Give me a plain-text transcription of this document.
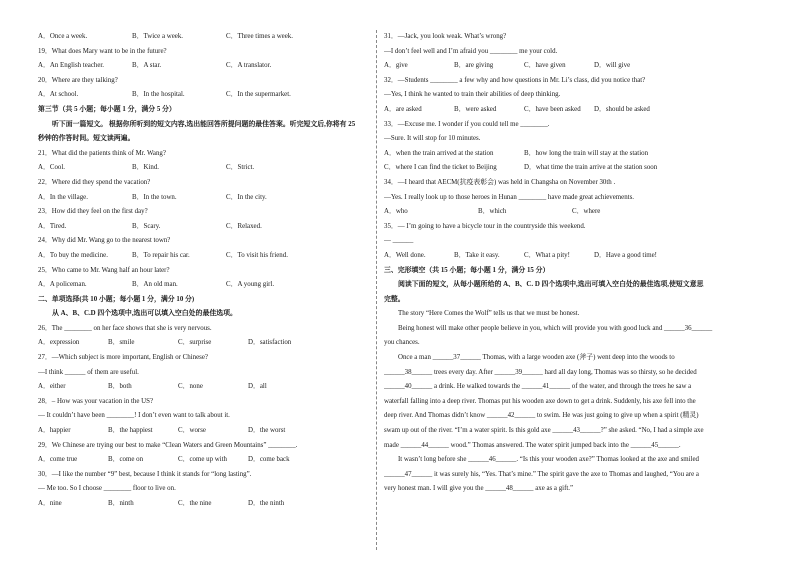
A．Once a week.	B．Twice a week.	C．Three times a week.
19．What does Mary want to be in the future?
A．An English teacher.	B．A star.	C．A translator.
20．Where are they talking?
A．At school.	B．In the hospital.	C．In the supermarket.
第三节（共 5 小题；每小题 1 分，满分 5 分）
听下面一篇短文。 根据你所听到的短文内容,选出能回答所提问题的最佳答案。听完短文后,你将有 25
秒钟的作答时间。短文读两遍。
21．What did the patients think of Mr. Wang?
A．Cool.	B．Kind.	C．Strict.
22．Where did they spend the vacation?
A．In the village.	B．In the town.	C．In the city.
23．How did they feel on the first day?
A．Tired.	B．Scary.	C．Relaxed.
24．Why did Mr. Wang go to the nearest town?
A．To buy the medicine.	B．To repair his car.	C．To visit his friend.
25．Who came to Mr. Wang half an hour later?
A．A policeman.	B．An old man.	C．A young girl.
二、单项选择(共 10 小题；每小题 1 分，满分 10 分)
从 A、B、C.D 四个选项中,选出可以填入空白处的最佳选项。
26．The ________ on her face shows that she is very nervous.
A．expression	B．smile	C．surprise	D．satisfaction
27．—Which subject is more important, English or Chinese?
—I think ______ of them are useful.
A．either	B．both	C．none	D．all
28．– How was your vacation in the US?
— It couldn’t have been ________! I don’t even want to talk about it.
A．happier	B．the happiest	C．worse	D．the worst
29．We Chinese are trying our best to make “Clean Waters and Green Mountains” ________.
A．come true	B．come on	C．come up with	D．come back
30．—I like the number “9” best, because I think it stands for “long lasting”.
— Me too. So I choose ________ floor to live on.
A．nine	B．ninth	C．the nine	D．the ninth
31．—Jack, you look weak. What’s wrong?
—I don’t feel well and I’m afraid you ________ me your cold.
A．give	B．are giving	C．have given	D．will give
32．—Students ________ a few why and how questions in Mr. Li’s class, did you notice that?
—Yes, I think he wanted to train their abilities of deep thinking.
A．are asked	B．were asked	C．have been asked D．should be asked
33．—Excuse me. I wonder if you could tell me ________.
—Sure. It will stop for 10 minutes.
A．when the train arrived at the station	B．how long the train will stay at the station
C．where I can find the ticket to Beijing	D．what time the train arrive at the station soon
34．—I heard that AECM(抗疫表彰会) was held in Changsha on November 30th .
—Yes. I really look up to those heroes in Hunan ________ have made great achievements.
A．who	B．which	C．where
35．— I’m going to have a bicycle tour in the countryside this weekend.
— ______
A．Well done.	B．Take it easy.	C．What a pity!	D．Have a good time!
三、完形填空（共 15 小题；每小题 1 分，满分 15 分）
阅读下面的短文，从每小题所给的 A、B、C. D 四个选项中,选出可填入空白处的最佳选项,使短文意思
完整。
The story “Here Comes the Wolf” tells us that we must be honest.
Being honest will make other people believe in you, which will provide you with good luck and ______36______
you chances.
Once a man ______37______ Thomas, with a large wooden axe (斧子) went deep into the woods to
______38______ trees every day. After ______39______ hard all day long, Thomas was so thirsty, so he decided
______40______ a drink. He walked towards the ______41______ of the water, and through the trees he saw a
waterfall falling into a deep river. Thomas put his wooden axe down to get a drink. Suddenly, his axe fell into the
deep river. And Thomas didn’t know ______42______ to swim. He was just going to give up when a spirit (精灵)
swam up out of the river. “I’m a water spirit. Is this gold axe ______43______?” she asked. “No, I had a simple axe
made ______44______ wood.” Thomas answered. The water spirit jumped back into the ______45______.
It wasn’t long before she ______46______. “Is this your wooden axe?” Thomas looked at the axe and smiled
______47______ it was surely his, “Yes. That’s mine.” The spirit gave the axe to Thomas and laughed, “You are a
very honest man. I will give you the ______48______ axe as a gift.”
